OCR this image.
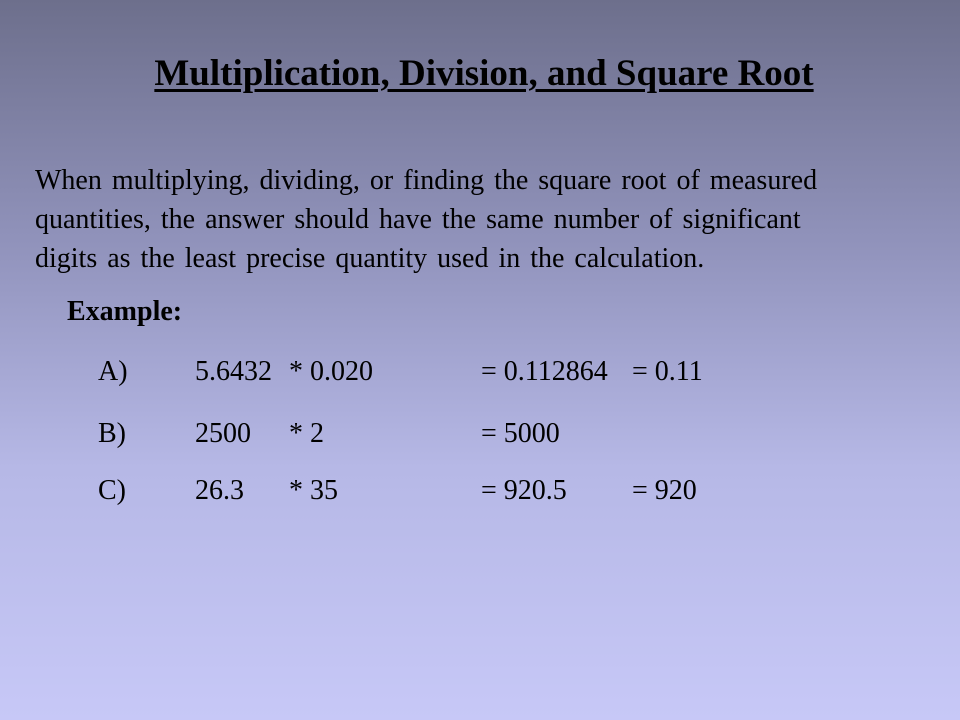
Multiplication, Division, and Square Root
When multiplying, dividing, or finding the square root of measured
quantities, the answer should have the same number of significant
digits as the least precise quantity used in the calculation.
Example:
A) 5.6432 * 0.020	= 0.112864 = 0.11
B) 2500 * 2	= 5000
C) 26.3 * 35	= 920.5 = 920
